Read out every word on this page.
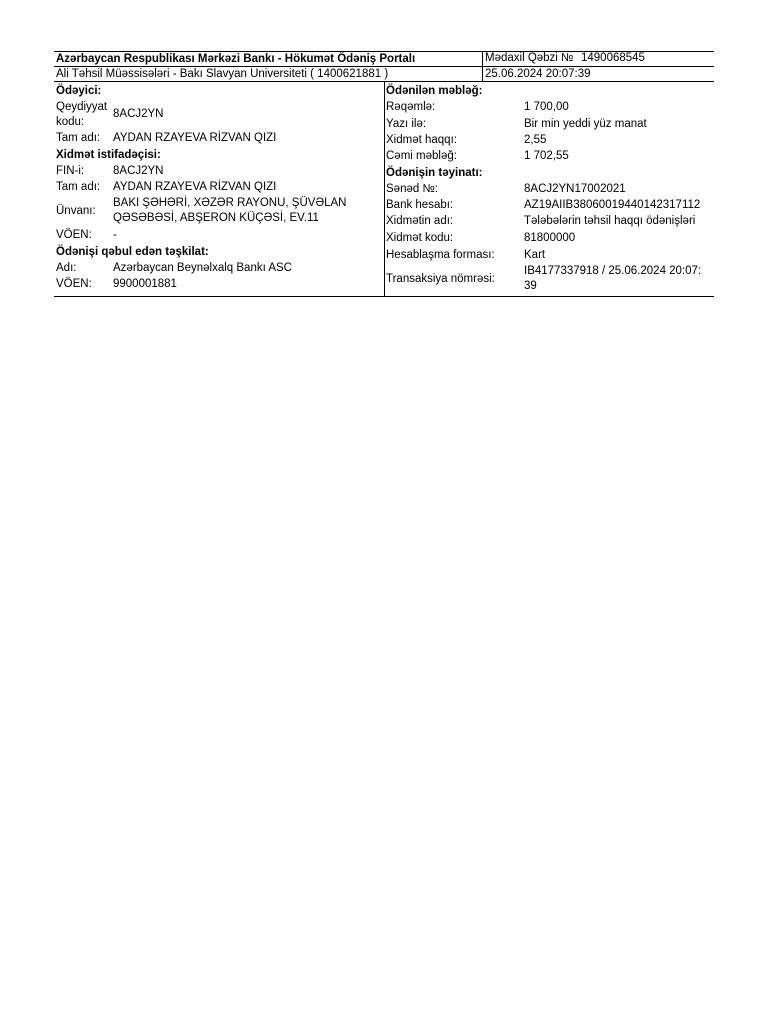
Azərbaycan Respublikası Mərkəzi Bankı - Hökumət Ödəniş Portalı	Mədaxil Qəbzi № 1490068545
Ali Təhsil Müəssisələri - Bakı Slavyan Universiteti ( 1400621881 )	25.06.2024 20:07:39
Ödəyici:
Qeydiyyat
kodu:
8ACJ2YN
Tam adı: AYDAN RZAYEVA RİZVAN QIZI
Xidmət istifadəçisi:
FIN-i:	8ACJ2YN
Tam adı: AYDAN RZAYEVA RİZVAN QIZI
Ünvanı:
BAKI ŞƏHƏRİ, XƏZƏR RAYONU, ŞÜVƏLAN
QƏSƏBƏSİ, ABŞERON KÜÇƏSİ, EV.11
VÖEN: -
Ödənişi qəbul edən təşkilat:
Adı:	Azərbaycan Beynəlxalq Bankı ASC
VÖEN: 9900001881
Ödənilən məbləğ:
Rəqəmlə:	1 700,00
Yazı ilə:	Bir min yeddi yüz manat
Xidmət haqqı:	2,55
Cəmi məbləğ:	1 702,55
Ödənişin təyinatı:
Sənəd №:	8ACJ2YN17002021
Bank hesabı:	AZ19AIIB38060019440142317112
Xidmətin adı:	Tələbələrin təhsil haqqı ödənişləri
Xidmət kodu:	81800000
Hesablaşma forması:	Kart
Transaksiya nömrəsi:
IB4177337918 / 25.06.2024 20:07:
39
